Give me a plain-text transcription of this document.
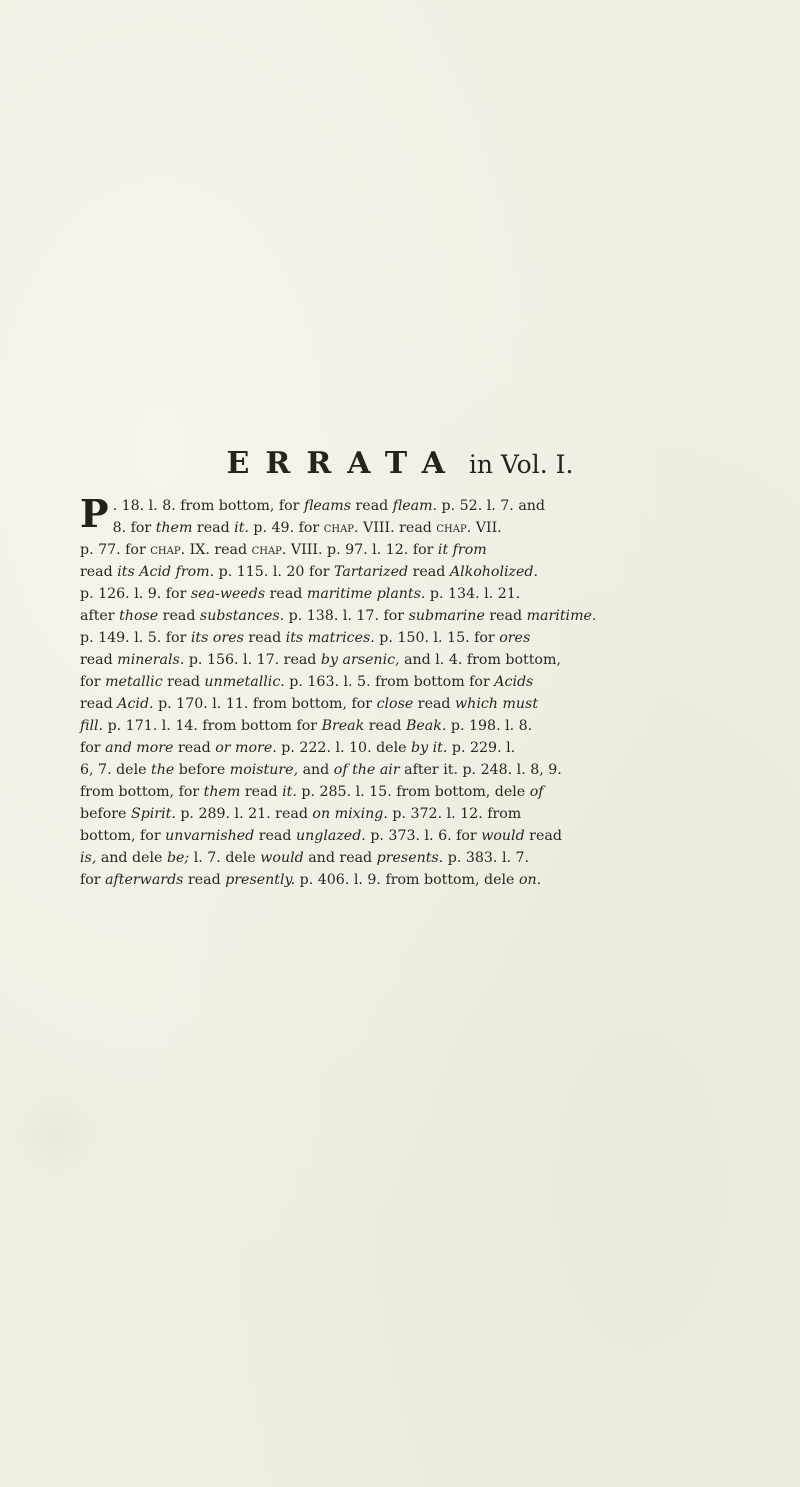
ERRATA in Vol. I.
P . 18. l. 8. from bottom, for fleams read fleam. p. 52. l. 7. and
8. for them read it. p. 49. for chap. VIII. read chap. VII.
p. 77. for chap. IX. read chap. VIII. p. 97. l. 12. for it from
read its Acid from. p. 115. l. 20 for Tartarized read Alkoholized.
p. 126. l. 9. for sea-weeds read maritime plants. p. 134. l. 21.
after those read substances. p. 138. l. 17. for submarine read maritime.
p. 149. l. 5. for its ores read its matrices. p. 150. l. 15. for ores
read minerals. p. 156. l. 17. read by arsenic, and l. 4. from bottom,
for metallic read unmetallic. p. 163. l. 5. from bottom for Acids
read Acid. p. 170. l. 11. from bottom, for close read which must
fill. p. 171. l. 14. from bottom for Break read Beak. p. 198. l. 8.
for and more read or more. p. 222. l. 10. dele by it. p. 229. l.
6, 7. dele the before moisture, and of the air after it. p. 248. l. 8, 9.
from bottom, for them read it. p. 285. l. 15. from bottom, dele of
before Spirit. p. 289. l. 21. read on mixing. p. 372. l. 12. from
bottom, for unvarnished read unglazed. p. 373. l. 6. for would read
is, and dele be; l. 7. dele would and read presents. p. 383. l. 7.
for afterwards read presently. p. 406. l. 9. from bottom, dele on.
